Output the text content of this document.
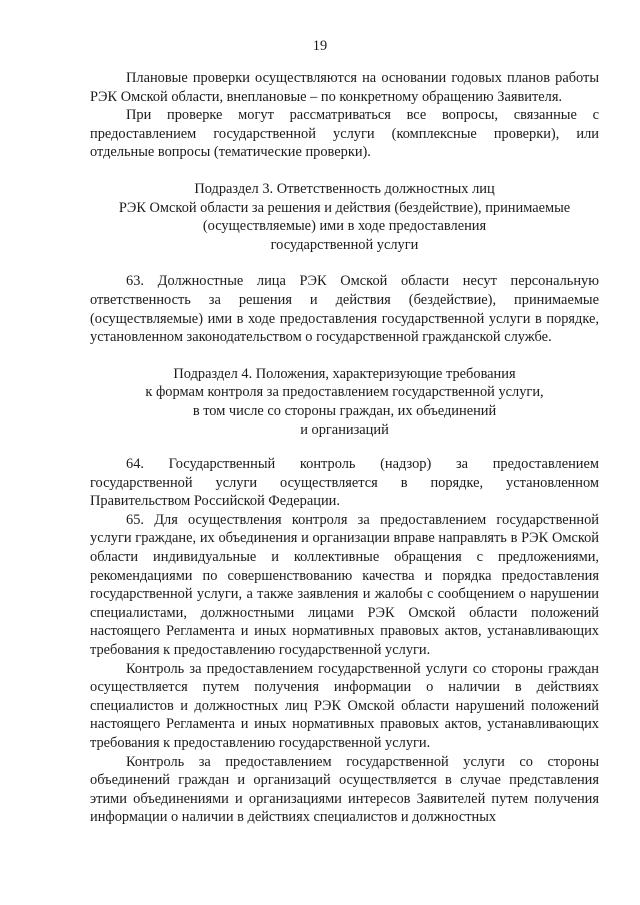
19

Плановые проверки осуществляются на основании годовых планов работы РЭК Омской области, внеплановые – по конкретному обращению Заявителя.

При проверке могут рассматриваться все вопросы, связанные с предоставлением государственной услуги (комплексные проверки), или отдельные вопросы (тематические проверки).

Подраздел 3. Ответственность должностных лиц

РЭК Омской области за решения и действия (бездействие), принимаемые

(осуществляемые) ими в ходе предоставления

государственной услуги

63. Должностные лица РЭК Омской области несут персональную ответственность за решения и действия (бездействие), принимаемые (осуществляемые) ими в ходе предоставления государственной услуги в порядке, установленном законодательством о государственной гражданской службе.

Подраздел 4. Положения, характеризующие требования

к формам контроля за предоставлением государственной услуги,

в том числе со стороны граждан, их объединений

и организаций

64. Государственный контроль (надзор) за предоставлением государственной услуги осуществляется в порядке, установленном Правительством Российской Федерации.

65. Для осуществления контроля за предоставлением государственной услуги граждане, их объединения и организации вправе направлять в РЭК Омской области индивидуальные и коллективные обращения с предложениями, рекомендациями по совершенствованию качества и порядка предоставления государственной услуги, а также заявления и жалобы с сообщением о нарушении специалистами, должностными лицами РЭК Омской области положений настоящего Регламента и иных нормативных правовых актов, устанавливающих требования к предоставлению государственной услуги.

Контроль за предоставлением государственной услуги со стороны граждан осуществляется путем получения информации о наличии в действиях специалистов и должностных лиц РЭК Омской области нарушений положений настоящего Регламента и иных нормативных правовых актов, устанавливающих требования к предоставлению государственной услуги.

Контроль за предоставлением государственной услуги со стороны объединений граждан и организаций осуществляется в случае представления этими объединениями и организациями интересов Заявителей путем получения информации о наличии в действиях специалистов и должностных
